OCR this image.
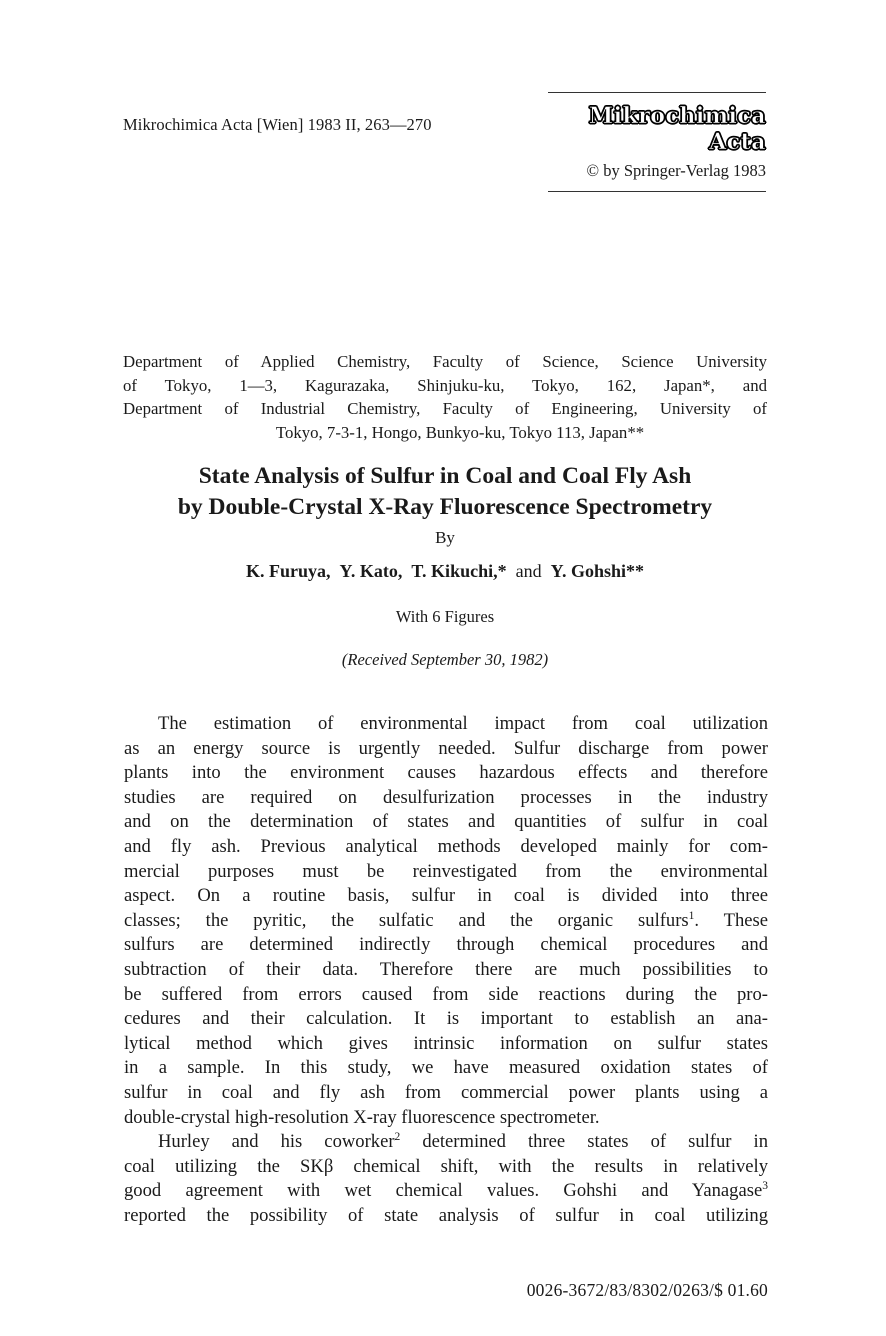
Mikrochimica Acta [Wien] 1983 II, 263—270	Mikrochimica Acta
© by Springer-Verlag 1983

Department of Applied Chemistry, Faculty of Science, Science University

of Tokyo, 1—3, Kagurazaka, Shinjuku-ku, Tokyo, 162, Japan*, and

Department of Industrial Chemistry, Faculty of Engineering, University of

Tokyo, 7-3-1, Hongo, Bunkyo-ku, Tokyo 113, Japan**

State Analysis of Sulfur in Coal and Coal Fly Ash
by Double-Crystal X-Ray Fluorescence Spectrometry
By
K. Furuya, Y. Kato, T. Kikuchi,* and Y. Gohshi**
With 6 Figures
(Received September 30, 1982)
The estimation of environmental impact from coal utilization
as an energy source is urgently needed. Sulfur discharge from power
plants into the environment causes hazardous effects and therefore
studies are required on desulfurization processes in the industry
and on the determination of states and quantities of sulfur in coal
and fly ash. Previous analytical methods developed mainly for com-
mercial purposes must be reinvestigated from the environmental
aspect. On a routine basis, sulfur in coal is divided into three
classes; the pyritic, the sulfatic and the organic sulfurs$^1$. These
sulfurs are determined indirectly through chemical procedures and
subtraction of their data. Therefore there are much possibilities to
be suffered from errors caused from side reactions during the pro-
cedures and their calculation. It is important to establish an ana-
lytical method which gives intrinsic information on sulfur states
in a sample. In this study, we have measured oxidation states of
sulfur in coal and fly ash from commercial power plants using a
double-crystal high-resolution X-ray fluorescence spectrometer.
Hurley and his coworker$^2$ determined three states of sulfur in
coal utilizing the SKβ chemical shift, with the results in relatively
good agreement with wet chemical values. Gohshi and Yanagase$^3$
reported the possibility of state analysis of sulfur in coal utilizing
0026-3672/83/8302/0263/$ 01.60
